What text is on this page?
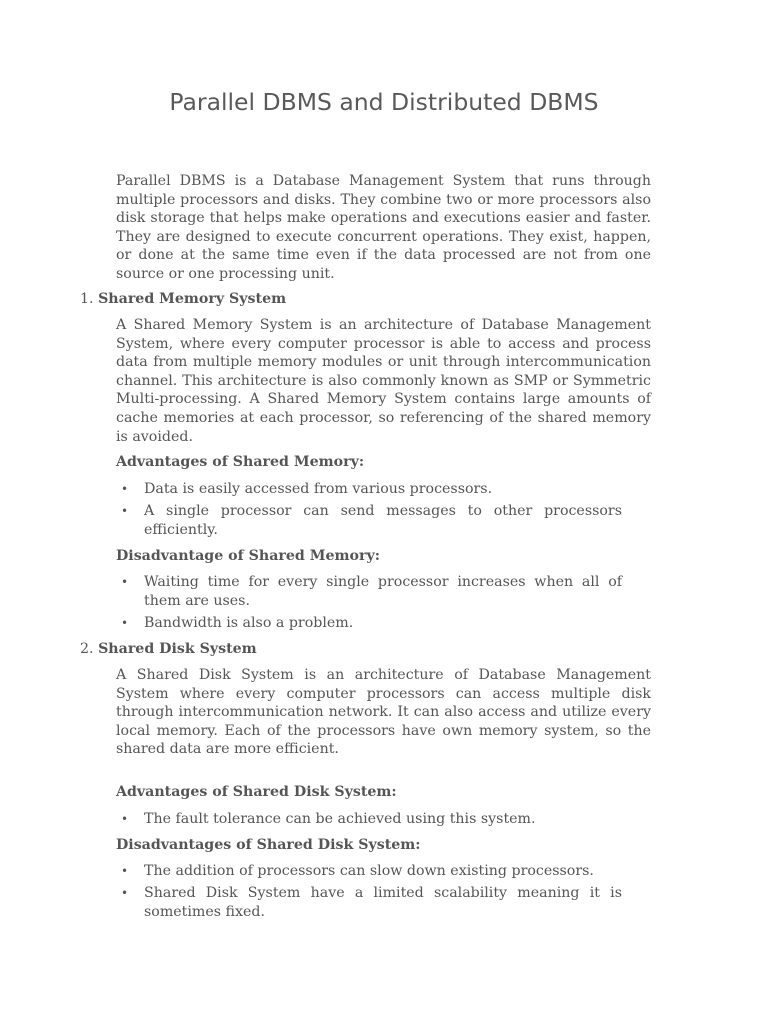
Parallel DBMS and Distributed DBMS
Parallel DBMS is a Database Management System that runs through multiple processors and disks. They combine two or more processors also disk storage that helps make operations and executions easier and faster. They are designed to execute concurrent operations. They exist, happen, or done at the same time even if the data processed are not from one source or one processing unit.
1. Shared Memory System
A Shared Memory System is an architecture of Database Management System, where every computer processor is able to access and process data from multiple memory modules or unit through intercommunication channel. This architecture is also commonly known as SMP or Symmetric Multi-processing. A Shared Memory System contains large amounts of cache memories at each processor, so referencing of the shared memory is avoided.
Advantages of Shared Memory:
• Data is easily accessed from various processors.
• A single processor can send messages to other processors efficiently.
Disadvantage of Shared Memory:
• Waiting time for every single processor increases when all of them are uses.
• Bandwidth is also a problem.
2. Shared Disk System
A Shared Disk System is an architecture of Database Management System where every computer processors can access multiple disk through intercommunication network. It can also access and utilize every local memory. Each of the processors have own memory system, so the shared data are more efficient.
Advantages of Shared Disk System:
• The fault tolerance can be achieved using this system.
Disadvantages of Shared Disk System:
• The addition of processors can slow down existing processors.
• Shared Disk System have a limited scalability meaning it is sometimes fixed.
